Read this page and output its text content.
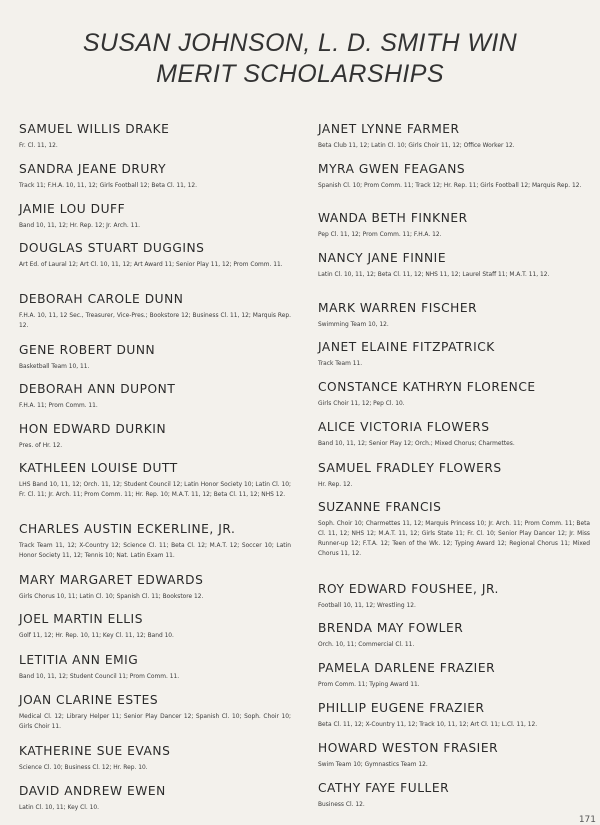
SUSAN JOHNSON, L. D. SMITH WIN
MERIT SCHOLARSHIPS
SAMUEL WILLIS DRAKE
Fr. Cl. 11, 12.
SANDRA JEANE DRURY
Track 11; F.H.A. 10, 11, 12; Girls Football 12; Beta Cl. 11, 12.
JAMIE LOU DUFF
Band 10, 11, 12; Hr. Rep. 12; Jr. Arch. 11.
DOUGLAS STUART DUGGINS
Art Ed. of Laural 12; Art Cl. 10, 11, 12; Art Award 11; Senior Play 11, 12; Prom Comm. 11.
DEBORAH CAROLE DUNN
F.H.A. 10, 11, 12 Sec., Treasurer, Vice-Pres.; Bookstore 12; Business Cl. 11, 12; Marquis Rep. 12.
GENE ROBERT DUNN
Basketball Team 10, 11.
DEBORAH ANN DUPONT
F.H.A. 11; Prom Comm. 11.
HON EDWARD DURKIN
Pres. of Hr. 12.
KATHLEEN LOUISE DUTT
LHS Band 10, 11, 12; Orch. 11, 12; Student Council 12; Latin Honor Society 10; Latin Cl. 10; Fr. Cl. 11; Jr. Arch. 11; Prom Comm. 11; Hr. Rep. 10; M.A.T. 11, 12; Beta Cl. 11, 12; NHS 12.
CHARLES AUSTIN ECKERLINE, JR.
Track Team 11, 12; X-Country 12; Science Cl. 11; Beta Cl. 12; M.A.T. 12; Soccer 10; Latin Honor Society 11, 12; Tennis 10; Nat. Latin Exam 11.
MARY MARGARET EDWARDS
Girls Chorus 10, 11; Latin Cl. 10; Spanish Cl. 11; Bookstore 12.
JOEL MARTIN ELLIS
Golf 11, 12; Hr. Rep. 10, 11; Key Cl. 11, 12; Band 10.
LETITIA ANN EMIG
Band 10, 11, 12; Student Council 11; Prom Comm. 11.
JOAN CLARINE ESTES
Medical Cl. 12; Library Helper 11; Senior Play Dancer 12; Spanish Cl. 10; Soph. Choir 10; Girls Choir 11.
KATHERINE SUE EVANS
Science Cl. 10; Business Cl. 12; Hr. Rep. 10.
DAVID ANDREW EWEN
Latin Cl. 10, 11; Key Cl. 10.
JANET LYNNE FARMER
Beta Club 11, 12; Latin Cl. 10; Girls Choir 11, 12; Office Worker 12.
MYRA GWEN FEAGANS
Spanish Cl. 10; Prom Comm. 11; Track 12; Hr. Rep. 11; Girls Football 12; Marquis Rep. 12.
WANDA BETH FINKNER
Pep Cl. 11, 12; Prom Comm. 11; F.H.A. 12.
NANCY JANE FINNIE
Latin Cl. 10, 11, 12; Beta Cl. 11, 12; NHS 11, 12; Laurel Staff 11; M.A.T. 11, 12.
MARK WARREN FISCHER
Swimming Team 10, 12.
JANET ELAINE FITZPATRICK
Track Team 11.
CONSTANCE KATHRYN FLORENCE
Girls Choir 11, 12; Pep Cl. 10.
ALICE VICTORIA FLOWERS
Band 10, 11, 12; Senior Play 12; Orch.; Mixed Chorus; Charmettes.
SAMUEL FRADLEY FLOWERS
Hr. Rep. 12.
SUZANNE FRANCIS
Soph. Choir 10; Charmettes 11, 12; Marquis Princess 10; Jr. Arch. 11; Prom Comm. 11; Beta Cl. 11, 12; NHS 12; M.A.T. 11, 12; Girls State 11; Fr. Cl. 10; Senior Play Dancer 12; Jr. Miss Runner-up 12; F.T.A. 12; Teen of the Wk. 12; Typing Award 12; Regional Chorus 11; Mixed Chorus 11, 12.
ROY EDWARD FOUSHEE, JR.
Football 10, 11, 12; Wrestling 12.
BRENDA MAY FOWLER
Orch. 10, 11; Commercial Cl. 11.
PAMELA DARLENE FRAZIER
Prom Comm. 11; Typing Award 11.
PHILLIP EUGENE FRAZIER
Beta Cl. 11, 12; X-Country 11, 12; Track 10, 11, 12; Art Cl. 11; L.Cl. 11, 12.
HOWARD WESTON FRASIER
Swim Team 10; Gymnastics Team 12.
CATHY FAYE FULLER
Business Cl. 12.
171
